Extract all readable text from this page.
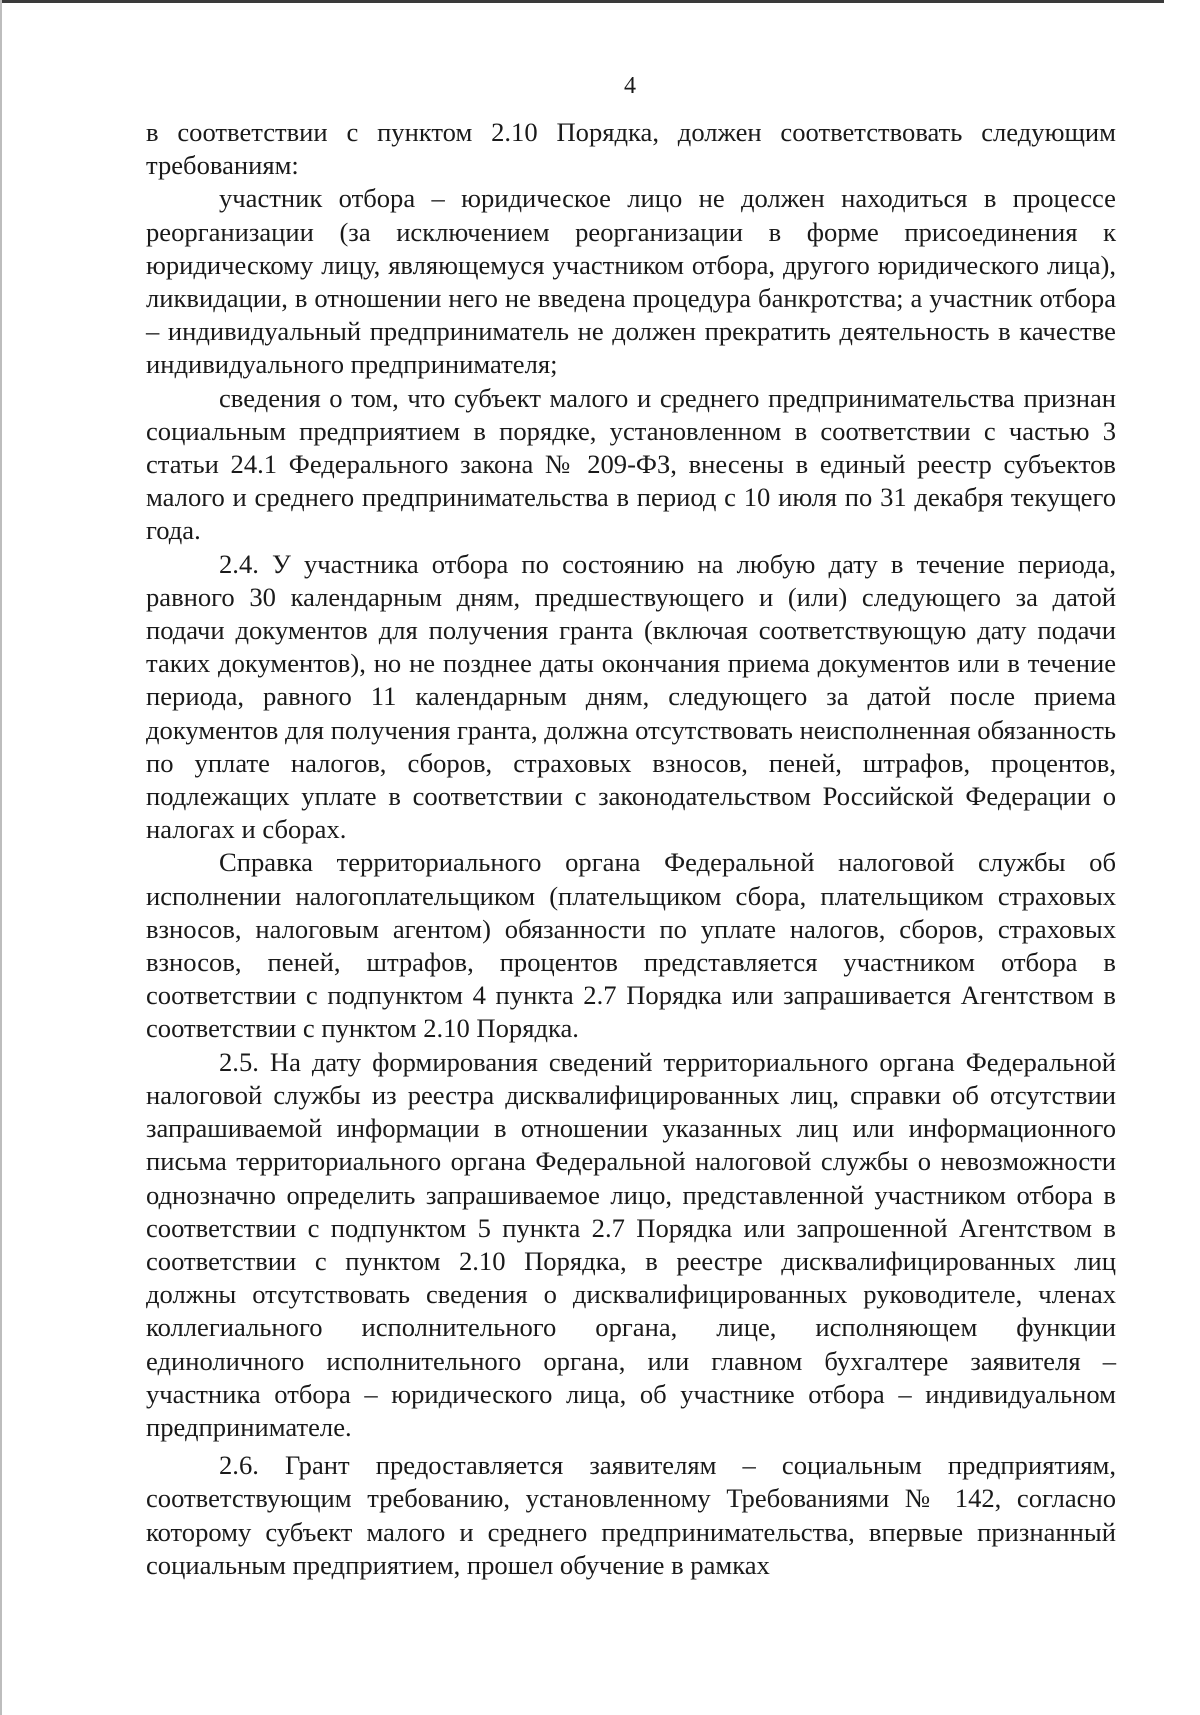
4

в соответствии с пунктом 2.10 Порядка, должен соответствовать следующим требованиям:

участник отбора – юридическое лицо не должен находиться в процессе реорганизации (за исключением реорганизации в форме присоединения к юридическому лицу, являющемуся участником отбора, другого юридического лица), ликвидации, в отношении него не введена процедура банкротства; а участник отбора – индивидуальный предприниматель не должен прекратить деятельность в качестве индивидуального предпринимателя;

сведения о том, что субъект малого и среднего предпринимательства признан социальным предприятием в порядке, установленном в соответствии с частью 3 статьи 24.1 Федерального закона № 209-ФЗ, внесены в единый реестр субъектов малого и среднего предпринимательства в период с 10 июля по 31 декабря текущего года.

2.4. У участника отбора по состоянию на любую дату в течение периода, равного 30 календарным дням, предшествующего и (или) следующего за датой подачи документов для получения гранта (включая соответствующую дату подачи таких документов), но не позднее даты окончания приема документов или в течение периода, равного 11 календарным дням, следующего за датой после приема документов для получения гранта, должна отсутствовать неисполненная обязанность по уплате налогов, сборов, страховых взносов, пеней, штрафов, процентов, подлежащих уплате в соответствии с законодательством Российской Федерации о налогах и сборах.

Справка территориального органа Федеральной налоговой службы об исполнении налогоплательщиком (плательщиком сбора, плательщиком страховых взносов, налоговым агентом) обязанности по уплате налогов, сборов, страховых взносов, пеней, штрафов, процентов представляется участником отбора в соответствии с подпунктом 4 пункта 2.7 Порядка или запрашивается Агентством в соответствии с пунктом 2.10 Порядка.

2.5. На дату формирования сведений территориального органа Федеральной налоговой службы из реестра дисквалифицированных лиц, справки об отсутствии запрашиваемой информации в отношении указанных лиц или информационного письма территориального органа Федеральной налоговой службы о невозможности однозначно определить запрашиваемое лицо, представленной участником отбора в соответствии с подпунктом 5 пункта 2.7 Порядка или запрошенной Агентством в соответствии с пунктом 2.10 Порядка, в реестре дисквалифицированных лиц должны отсутствовать сведения о дисквалифицированных руководителе, членах коллегиального исполнительного органа, лице, исполняющем функции единоличного исполнительного органа, или главном бухгалтере заявителя – участника отбора – юридического лица, об участнике отбора – индивидуальном предпринимателе.

2.6. Грант предоставляется заявителям – социальным предприятиям, соответствующим требованию, установленному Требованиями № 142, согласно которому субъект малого и среднего предпринимательства, впервые признанный социальным предприятием, прошел обучение в рамках
